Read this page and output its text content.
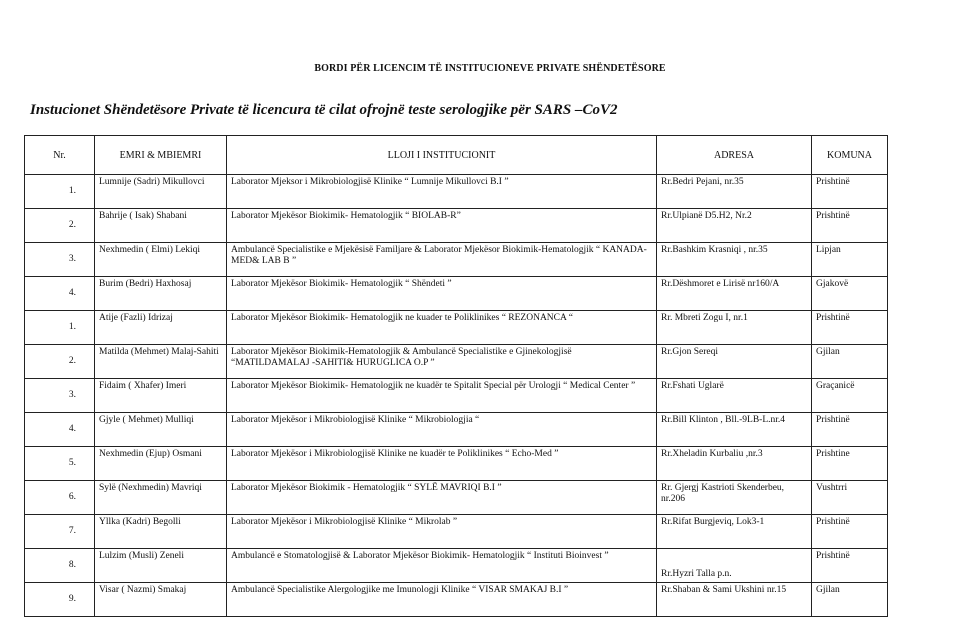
BORDI PËR LICENCIM TË INSTITUCIONEVE PRIVATE SHËNDETËSORE
Instucionet Shëndetësore Private të licencura të cilat ofrojnë teste serologjike për SARS –CoV2
Nr.	EMRI & MBIEMRI	LLOJI I INSTITUCIONIT	ADRESA	KOMUNA
1.	Lumnije (Sadri) Mikullovci	Laborator Mjeksor i Mikrobiologjisë Klinike “ Lumnije Mikullovci B.I ”	Rr.Bedri Pejani, nr.35	Prishtinë
2.	Bahrije ( Isak) Shabani	Laborator Mjekësor Biokimik- Hematologjik “ BIOLAB-R”	Rr.Ulpianë D5.H2, Nr.2	Prishtinë
3.	Nexhmedin ( Elmi) Lekiqi	Ambulancë Specialistike e Mjekësisë Familjare & Laborator Mjekësor Biokimik-Hematologjik “ KANADA-MED& LAB B ”	Rr.Bashkim Krasniqi , nr.35	Lipjan
4.	Burim (Bedri) Haxhosaj	Laborator Mjekësor Biokimik- Hematologjik “ Shëndeti ”	Rr.Dëshmoret e Lirisë nr160/A	Gjakovë
1.	Atije (Fazli) Idrizaj	Laborator Mjekësor Biokimik- Hematologjik ne kuader te Poliklinikes “ REZONANCA “	Rr. Mbreti Zogu I, nr.1	Prishtinë
2.	Matilda (Mehmet) Malaj-Sahiti	Laborator Mjekësor Biokimik-Hematologjik & Ambulancë Specialistike e Gjinekologjisë “MATILDAMALAJ -SAHITI& HURUGLICA O.P ”	Rr.Gjon Sereqi	Gjilan
3.	Fidaim ( Xhafer) Imeri	Laborator Mjekësor Biokimik- Hematologjik ne kuadër te Spitalit Special për Urologji “ Medical Center ”	Rr.Fshati Uglarë	Graçanicë
4.	Gjyle ( Mehmet) Mulliqi	Laborator Mjekësor i Mikrobiologjisë Klinike “ Mikrobiologjia “	Rr.Bill Klinton , Bll.-9LB-L.nr.4	Prishtinë
5.	Nexhmedin (Ejup) Osmani	Laborator Mjekësor i Mikrobiologjisë Klinike ne kuadër te Poliklinikes “ Echo-Med ”	Rr.Xheladin Kurbaliu ,nr.3	Prishtine
6.	Sylë (Nexhmedin) Mavriqi	Laborator Mjekësor Biokimik - Hematologjik “ SYLË MAVRIQI B.I ”	Rr. Gjergj Kastrioti Skenderbeu, nr.206	Vushtrri
7.	Yllka (Kadri) Begolli	Laborator Mjekësor i Mikrobiologjisë Klinike “ Mikrolab ”	Rr.Rifat Burgjeviq, Lok3-1	Prishtinë
8.	Lulzim (Musli) Zeneli	Ambulancë e Stomatologjisë & Laborator Mjekësor Biokimik- Hematologjik “ Instituti Bioinvest ”	Rr.Hyzri Talla p.n.	Prishtinë
9.	Visar ( Nazmi) Smakaj	Ambulancë Specialistike Alergologjike me Imunologji Klinike “ VISAR SMAKAJ B.I ”	Rr.Shaban & Sami Ukshini nr.15	Gjilan
